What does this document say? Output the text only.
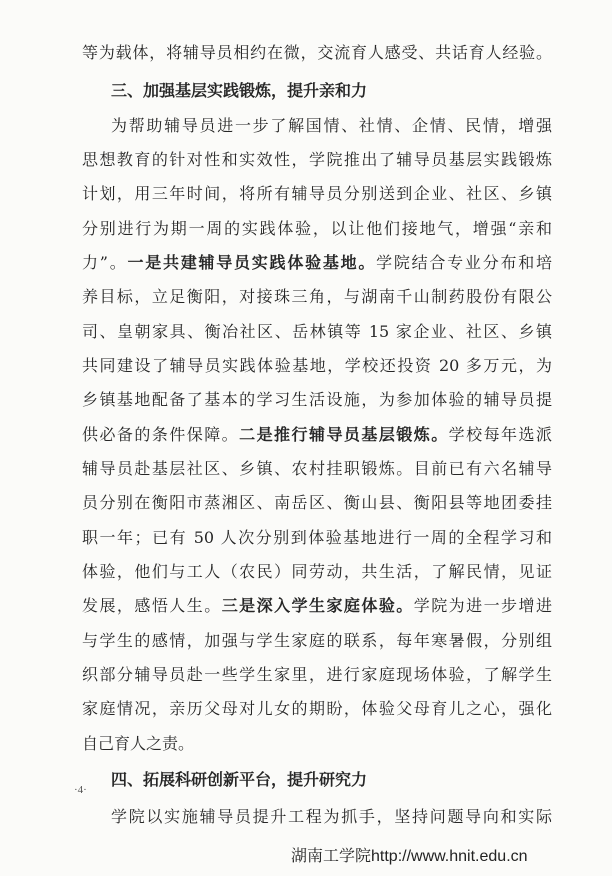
等为载体，将辅导员相约在微，交流育人感受、共话育人经验。
三、加强基层实践锻炼，提升亲和力
为帮助辅导员进一步了解国情、社情、企情、民情，增强
思想教育的针对性和实效性，学院推出了辅导员基层实践锻炼
计划，用三年时间，将所有辅导员分别送到企业、社区、乡镇
分别进行为期一周的实践体验，以让他们接地气，增强“亲和
力”。一是共建辅导员实践体验基地。学院结合专业分布和培
养目标，立足衡阳，对接珠三角，与湖南千山制药股份有限公
司、皇朝家具、衡冶社区、岳林镇等 15 家企业、社区、乡镇
共同建设了辅导员实践体验基地，学校还投资 20 多万元，为
乡镇基地配备了基本的学习生活设施，为参加体验的辅导员提
供必备的条件保障。二是推行辅导员基层锻炼。学校每年选派
辅导员赴基层社区、乡镇、农村挂职锻炼。目前已有六名辅导
员分别在衡阳市蒸湘区、南岳区、衡山县、衡阳县等地团委挂
职一年；已有 50 人次分别到体验基地进行一周的全程学习和
体验，他们与工人（农民）同劳动，共生活，了解民情，见证
发展，感悟人生。三是深入学生家庭体验。学院为进一步增进
与学生的感情，加强与学生家庭的联系，每年寒暑假，分别组
织部分辅导员赴一些学生家里，进行家庭现场体验，了解学生
家庭情况，亲历父母对儿女的期盼，体验父母育儿之心，强化
自己育人之责。
四、拓展科研创新平台，提升研究力
学院以实施辅导员提升工程为抓手，坚持问题导向和实际
·4·
湖南工学院http://www.hnit.edu.cn
